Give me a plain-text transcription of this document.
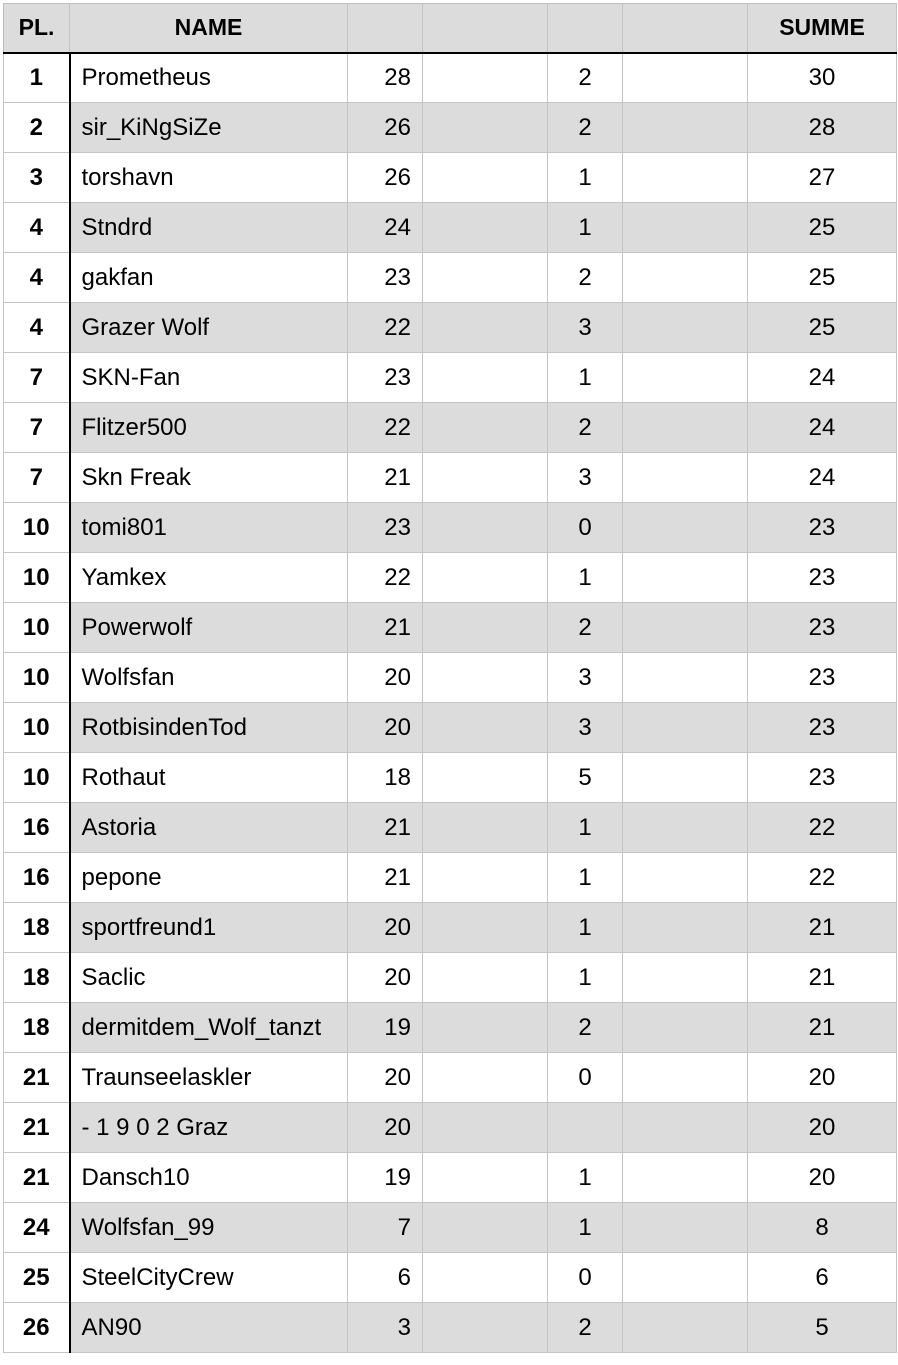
PL.	NAME					SUMME
1	Prometheus	28		2		30
2	sir_KiNgSiZe	26		2		28
3	torshavn	26		1		27
4	Stndrd	24		1		25
4	gakfan	23		2		25
4	Grazer Wolf	22		3		25
7	SKN-Fan	23		1		24
7	Flitzer500	22		2		24
7	Skn Freak	21		3		24
10	tomi801	23		0		23
10	Yamkex	22		1		23
10	Powerwolf	21		2		23
10	Wolfsfan	20		3		23
10	RotbisindenTod	20		3		23
10	Rothaut	18		5		23
16	Astoria	21		1		22
16	pepone	21		1		22
18	sportfreund1	20		1		21
18	Saclic	20		1		21
18	dermitdem_Wolf_tanzt	19		2		21
21	Traunseelaskler	20		0		20
21	- 1 9 0 2 Graz	20				20
21	Dansch10	19		1		20
24	Wolfsfan_99	7		1		8
25	SteelCityCrew	6		0		6
26	AN90	3		2		5
